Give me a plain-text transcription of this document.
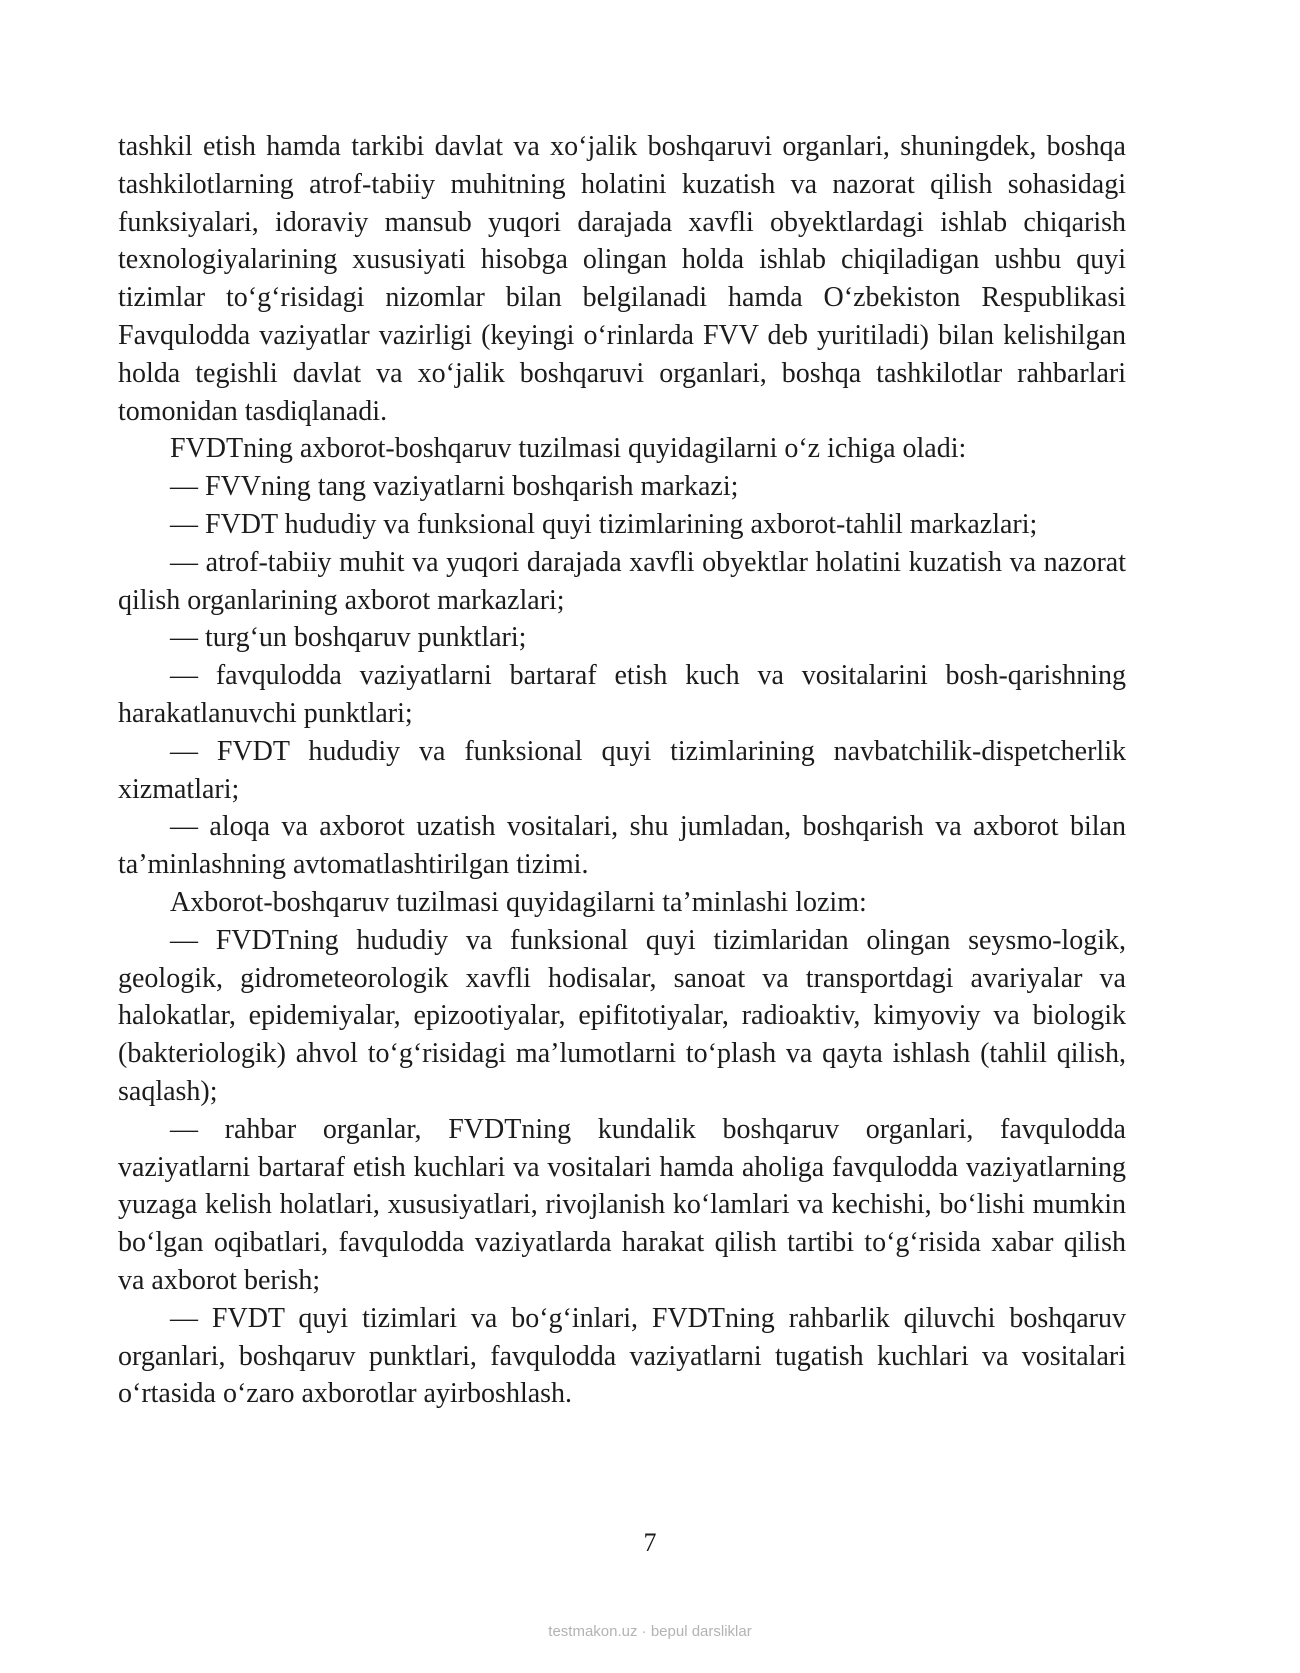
tashkil etish hamda tarkibi davlat va xo‘jalik boshqaruvi organlari, shuningdek, boshqa tashkilotlarning atrof-tabiiy muhitning holatini kuzatish va nazorat qilish sohasidagi funksiyalari, idoraviy mansub yuqori darajada xavfli obyektlardagi ishlab chiqarish texnologiyalarining xususiyati hisobga olingan holda ishlab chiqiladigan ushbu quyi tizimlar to‘g‘risidagi nizomlar bilan belgilanadi hamda O‘zbekiston Respublikasi Favqulodda vaziyatlar vazirligi (keyingi o‘rinlarda FVV deb yuritiladi) bilan kelishilgan holda tegishli davlat va xo‘jalik boshqaruvi organlari, boshqa tashkilotlar rahbarlari tomonidan tasdiqlanadi.

FVDTning axborot-boshqaruv tuzilmasi quyidagilarni o‘z ichiga oladi:

— FVVning tang vaziyatlarni boshqarish markazi;

— FVDT hududiy va funksional quyi tizimlarining axborot-tahlil markazlari;

— atrof-tabiiy muhit va yuqori darajada xavfli obyektlar holatini kuzatish va nazorat qilish organlarining axborot markazlari;

— turg‘un boshqaruv punktlari;

— favqulodda vaziyatlarni bartaraf etish kuch va vositalarini bosh-qarishning harakatlanuvchi punktlari;

— FVDT hududiy va funksional quyi tizimlarining navbatchilik-dispetcherlik xizmatlari;

— aloqa va axborot uzatish vositalari, shu jumladan, boshqarish va axborot bilan ta’minlashning avtomatlashtirilgan tizimi.

Axborot-boshqaruv tuzilmasi quyidagilarni ta’minlashi lozim:

— FVDTning hududiy va funksional quyi tizimlaridan olingan seysmo-logik, geologik, gidrometeorologik xavfli hodisalar, sanoat va transportdagi avariyalar va halokatlar, epidemiyalar, epizootiyalar, epifitotiyalar, radioaktiv, kimyoviy va biologik (bakteriologik) ahvol to‘g‘risidagi ma’lumotlarni to‘plash va qayta ishlash (tahlil qilish, saqlash);

— rahbar organlar, FVDTning kundalik boshqaruv organlari, favqulodda vaziyatlarni bartaraf etish kuchlari va vositalari hamda aholiga favqulodda vaziyatlarning yuzaga kelish holatlari, xususiyatlari, rivojlanish ko‘lamlari va kechishi, bo‘lishi mumkin bo‘lgan oqibatlari, favqulodda vaziyatlarda harakat qilish tartibi to‘g‘risida xabar qilish va axborot berish;

— FVDT quyi tizimlari va bo‘g‘inlari, FVDTning rahbarlik qiluvchi boshqaruv organlari, boshqaruv punktlari, favqulodda vaziyatlarni tugatish kuchlari va vositalari o‘rtasida o‘zaro axborotlar ayirboshlash.

7
testmakon.uz · bepul darsliklar
